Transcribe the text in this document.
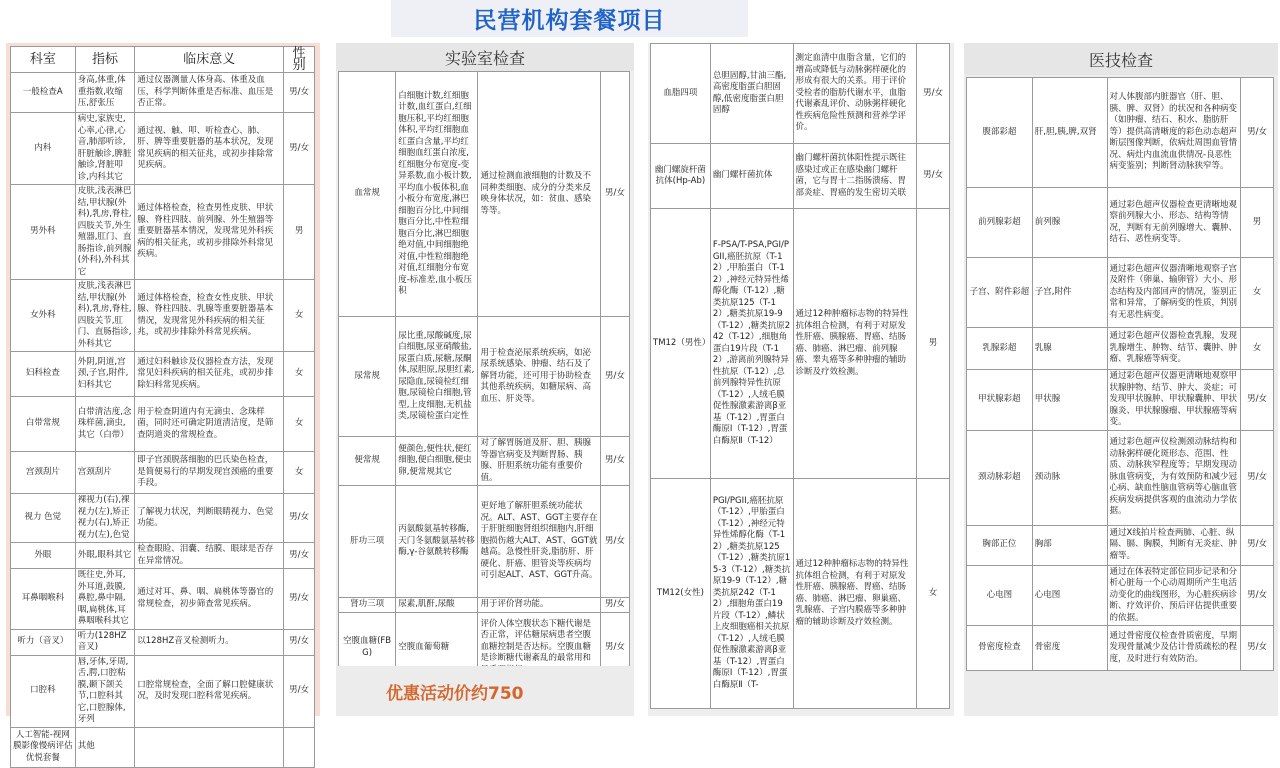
民营机构套餐项目
科室	指标	临床意义	性别
一般检查A	身高,体重,体重指数,收缩压,舒张压	通过仪器测量人体身高、体重及血压，科学判断体重是否标准、血压是否正常。	男/女
内科	病史,家族史,心率,心律,心音,肺部听诊,肝脏触诊,脾脏触诊,肾脏叩诊,内科其它	通过视、触、叩、听检查心、肺、肝、脾等重要脏器的基本状况，发现常见疾病的相关征兆，或初步排除常见疾病。	男/女
男外科	皮肤,浅表淋巴结,甲状腺(外科),乳房,脊柱,四肢关节,外生殖器,肛门、直肠指诊,前列腺(外科),外科其它	通过体格检查，检查男性皮肤、甲状腺、脊柱四肢、前列腺、外生殖器等重要脏器基本情况，发现常见外科疾病的相关征兆，或初步排除外科常见疾病。	男
女外科	皮肤,浅表淋巴结,甲状腺(外科),乳房,脊柱,四肢关节,肛门、直肠指诊,外科其它	通过体格检查，检查女性皮肤、甲状腺、脊柱四肢、乳腺等重要脏器基本情况，发现常见外科疾病的相关征兆，或初步排除外科常见疾病。	女
妇科检查	外阴,阴道,宫颈,子宫,附件,妇科其它	通过妇科触诊及仪器检查方法，发现常见妇科疾病的相关征兆，或初步排除妇科常见疾病。	女
白带常规	白带清洁度,念珠样菌,滴虫,其它（白带）	用于检查阴道内有无滴虫、念珠样菌，同时还可确定阴道清洁度，是筛查阴道炎的常规检查。	女
宫颈刮片	宫颈刮片	即子宫颈脱落细胞的巴氏染色检查，是简便易行的早期发现宫颈癌的重要手段。	女
视力 色觉	裸视力(右),裸视力(左),矫正视力(右),矫正视力(左),色觉	了解视力状况，判断眼睛视力、色觉功能。	男/女
外眼	外眼,眼科其它	检查眼睑、泪囊、结膜、眼球是否存在异常情况。	男/女
耳鼻咽喉科	既往史,外耳,外耳道,鼓膜,鼻腔,鼻中隔,咽,扁桃体,耳鼻咽喉科其它	通过对耳、鼻、咽、扁桃体等器官的常规检查，初步筛查常见疾病。	男/女
听力（音叉）	听力(128HZ音叉)	以128HZ音叉检测听力。	男/女
口腔科	唇,牙体,牙周,舌,腭,口腔粘膜,颞下颌关节,口腔科其它,口腔腺体,牙列	口腔常规检查，全面了解口腔健康状况，及时发现口腔科常见疾病。	男/女
人工智能-视网膜影像慢病评估优悦套餐	其他		
实验室检查
血常规	白细胞计数,红细胞计数,血红蛋白,红细胞压积,平均红细胞体积,平均红细胞血红蛋白含量,平均红细胞血红蛋白浓度,红细胞分布宽度-变异系数,血小板计数,平均血小板体积,血小板分布宽度,淋巴细胞百分比,中间细胞百分比,中性粒细胞百分比,淋巴细胞绝对值,中间细胞绝对值,中性粒细胞绝对值,红细胞分布宽度-标准差,血小板压积	通过检测血液细胞的计数及不同种类细胞、成分的分类来反映身体状况，如：贫血、感染等等。	男/女
尿常规	尿比重,尿酸碱度,尿白细胞,尿亚硝酸盐,尿蛋白质,尿糖,尿酮体,尿胆原,尿胆红素,尿隐血,尿镜检红细胞,尿镜检白细胞,管型,上皮细胞,无机盐类,尿镜检蛋白定性	用于检查泌尿系统疾病，如泌尿系统感染、肿瘤、结石及了解肾功能，还可用于协助检查其他系统疾病，如糖尿病、高血压、肝炎等。	男/女
便常规	便颜色,便性状,便红细胞,便白细胞,便虫卵,便常规其它	对了解胃肠道及肝、胆、胰腺等器官病变及判断胃肠、胰腺、肝胆系统功能有重要价值。	男/女
肝功三项	丙氨酸氨基转移酶,天门冬氨酸氨基转移酶,γ-谷氨酰转移酶	更好地了解肝胆系统功能状况。ALT、AST、GGT主要存在于肝脏细胞肾组织细胞内,肝细胞损伤越大ALT、AST、GGT就越高。急慢性肝炎,脂肪肝、肝硬化、肝癌、胆管炎等疾病均可引起ALT、AST、GGT升高。	男/女
肾功三项	尿素,肌酐,尿酸	用于评价肾功能。	男/女
空腹血糖(FBG)	空腹血葡萄糖	评价人体空腹状态下糖代谢是否正常，评估糖尿病患者空腹血糖控制是否达标。空腹血糖是诊断糖代谢紊乱的最常用和	男/女
优惠活动价约750
血脂四项	总胆固醇,甘油三酯,高密度脂蛋白胆固醇,低密度脂蛋白胆固醇	测定血清中血脂含量，它们的增高或降低与动脉粥样硬化的形成有很大的关系。用于评价受检者的脂肪代谢水平，血脂代谢紊乱评价、动脉粥样硬化性疾病危险性预测和营养学评价。	男/女
幽门螺旋杆菌抗体(Hp-Ab)	幽门螺杆菌抗体	幽门螺杆菌抗体阳性提示既往感染过或正在感染幽门螺杆菌，它与胃十二指肠溃疡、胃部炎症、胃癌的发生密切关联	男/女
TM12（男性）	F-PSA/T-PSA,PGI/PGII,癌胚抗原（T-12）,甲胎蛋白（T-12）,神经元特异性烯醇化酶（T-12）,糖类抗原125（T-12）,糖类抗原19-9（T-12）,糖类抗原242（T-12）,细胞角蛋白19片段（T-12）,游离前列腺特异性抗原（T-12）,总前列腺特异性抗原（T-12）,人绒毛膜促性腺激素游离β亚基（T-12）,胃蛋白酶原Ⅰ（T-12）,胃蛋白酶原Ⅱ（T-12）	通过12种肿瘤标志物的特异性抗体组合检测，有利于对原发性肝癌、胰腺癌、胃癌、结肠癌、肺癌、淋巴瘤、前列腺癌、睾丸癌等多种肿瘤的辅助诊断及疗效检测。	男
TM12(女性)	PGI/PGII,癌胚抗原（T-12）,甲胎蛋白（T-12）,神经元特异性烯醇化酶（T-12）,糖类抗原125（T-12）,糖类抗原15-3（T-12）,糖类抗原19-9（T-12）,糖类抗原242（T-12）,细胞角蛋白19片段（T-12）,鳞状上皮细胞癌相关抗原（T-12）,人绒毛膜促性腺激素游离β亚基（T-12）,胃蛋白酶原Ⅰ（T-12）,胃蛋白酶原Ⅱ（T-	通过12种肿瘤标志物的特异性抗体组合检测，有利于对原发性肝癌、胰腺癌、胃癌、结肠癌、肺癌、淋巴瘤、卵巢癌、乳腺癌、子宫内膜癌等多种肿瘤的辅助诊断及疗效检测。	女
医技检查
腹部彩超	肝,胆,胰,脾,双肾	对人体腹部内脏器官（肝、胆、胰、脾、双肾）的状况和各种病变（如肿瘤、结石、积水、脂肪肝等）提供高清晰度的彩色动态超声断层图像判断，依病灶周围血管情况、病灶内血流血供情况-良恶性病变鉴别；判断肾动脉狭窄等。	男/女
前列腺彩超	前列腺	通过彩色超声仪器检查更清晰地观察前列腺大小、形态、结构等情况，判断有无前列腺增大、囊肿、结石、恶性病变等。	男
子宫、附件彩超	子宫,附件	通过彩色超声仪器清晰地观察子宫及附件（卵巢、输卵管）大小、形态结构及内部回声的情况，鉴别正常和异常，了解病变的性质，判别有无恶性病变。	女
乳腺彩超	乳腺	通过彩色超声仪器检查乳腺，发现乳腺增生、肿物、结节、囊肿、肿瘤、乳腺癌等病变。	女
甲状腺彩超	甲状腺	通过彩色超声仪器更清晰地观察甲状腺肿物、结节、肿大、炎症；可发现甲状腺肿、甲状腺囊肿、甲状腺炎、甲状腺腺瘤、甲状腺癌等病变。	男/女
颈动脉彩超	颈动脉	通过彩色超声仪检测颈动脉结构和动脉粥样硬化斑形态、范围、性质、动脉狭窄程度等；早期发现动脉血管病变，为有效预防和减少冠心病、缺血性脑血管病等心脑血管疾病发病提供客观的血流动力学依据。	男/女
胸部正位	胸部	通过X线拍片检查两肺、心脏、纵隔、膈、胸膜，判断有无炎症、肿瘤等。	男/女
心电图	心电图	通过在体表特定部位同步记录和分析心脏每一个心动周期所产生电活动变化的曲线图形，为心脏疾病诊断、疗效评价、预后评估提供重要的依据。	男/女
骨密度检查	骨密度	通过骨密度仪检查骨质密度，早期发现骨量减少及估计骨质疏松的程度，及时进行有效防治。	男/女
